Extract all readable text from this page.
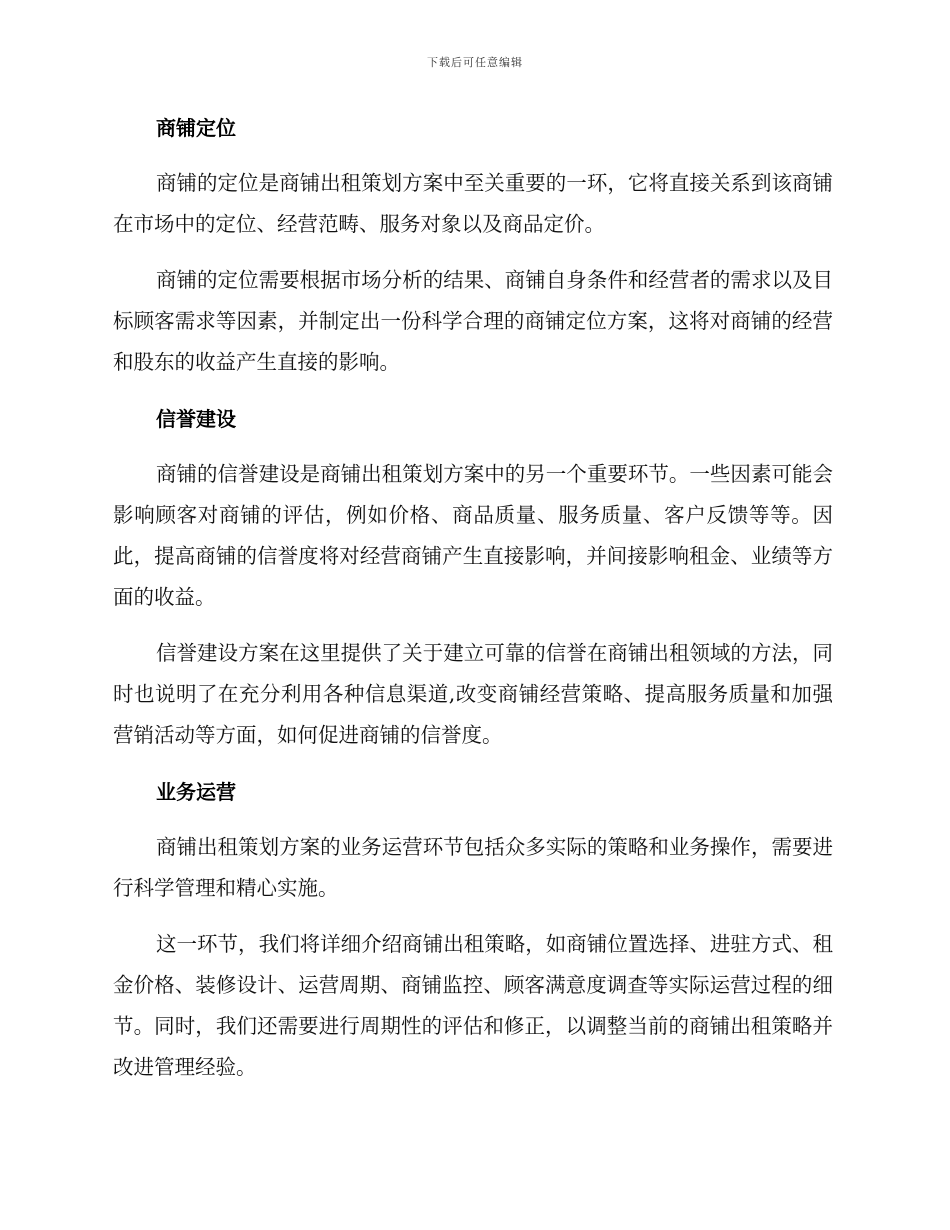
下载后可任意编辑
商铺定位

商铺的定位是商铺出租策划方案中至关重要的一环，它将直接关系到该商铺在市场中的定位、经营范畴、服务对象以及商品定价。

商铺的定位需要根据市场分析的结果、商铺自身条件和经营者的需求以及目标顾客需求等因素，并制定出一份科学合理的商铺定位方案，这将对商铺的经营和股东的收益产生直接的影响。

信誉建设

商铺的信誉建设是商铺出租策划方案中的另一个重要环节。一些因素可能会影响顾客对商铺的评估，例如价格、商品质量、服务质量、客户反馈等等。因此，提高商铺的信誉度将对经营商铺产生直接影响，并间接影响租金、业绩等方面的收益。

信誉建设方案在这里提供了关于建立可靠的信誉在商铺出租领域的方法，同时也说明了在充分利用各种信息渠道,改变商铺经营策略、提高服务质量和加强营销活动等方面，如何促进商铺的信誉度。

业务运营

商铺出租策划方案的业务运营环节包括众多实际的策略和业务操作，需要进行科学管理和精心实施。

这一环节，我们将详细介绍商铺出租策略，如商铺位置选择、进驻方式、租金价格、装修设计、运营周期、商铺监控、顾客满意度调查等实际运营过程的细节。同时，我们还需要进行周期性的评估和修正，以调整当前的商铺出租策略并改进管理经验。
